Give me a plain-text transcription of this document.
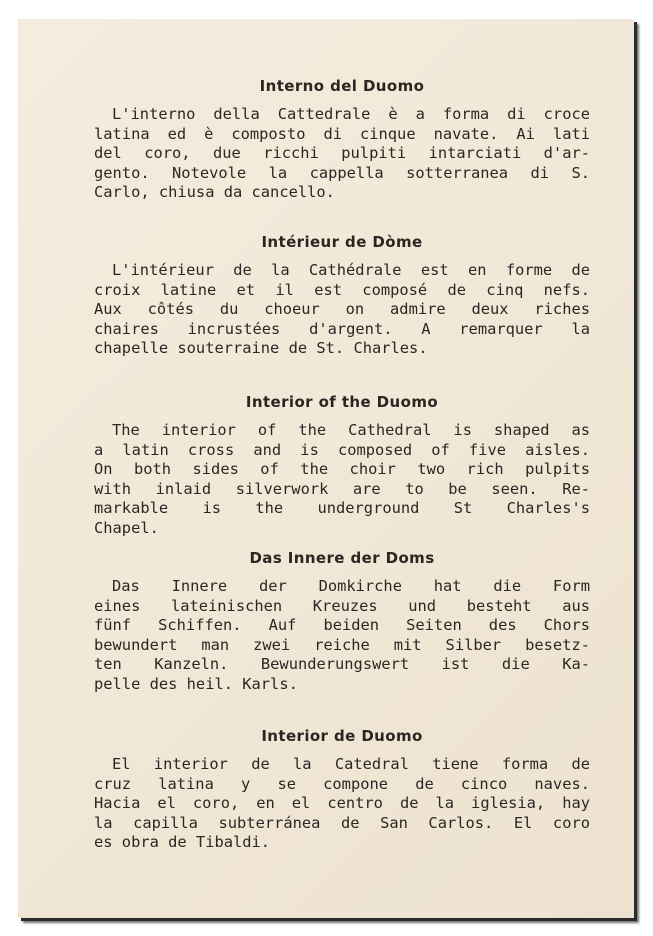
Interno del Duomo

L'interno della Cattedrale è a forma di croce
latina ed è composto di cinque navate. Ai lati
del coro, due ricchi pulpiti intarciati d'ar-
gento. Notevole la cappella sotterranea di S.
Carlo, chiusa da cancello.

Intérieur de Dòme

L'intérieur de la Cathédrale est en forme de
croix latine et il est composé de cinq nefs.
Aux côtés du choeur on admire deux riches
chaires incrustées d'argent. A remarquer la
chapelle souterraine de St. Charles.

Interior of the Duomo

The interior of the Cathedral is shaped as
a latin cross and is composed of five aisles.
On both sides of the choir two rich pulpits
with inlaid silverwork are to be seen. Re-
markable is the underground St Charles's
Chapel.

Das Innere der Doms

Das Innere der Domkirche hat die Form
eines lateinischen Kreuzes und besteht aus
fünf Schiffen. Auf beiden Seiten des Chors
bewundert man zwei reiche mit Silber besetz-
ten Kanzeln. Bewunderungswert ist die Ka-
pelle des heil. Karls.

Interior de Duomo

El interior de la Catedral tiene forma de
cruz latina y se compone de cinco naves.
Hacia el coro, en el centro de la iglesia, hay
la capilla subterránea de San Carlos. El coro
es obra de Tibaldi.
